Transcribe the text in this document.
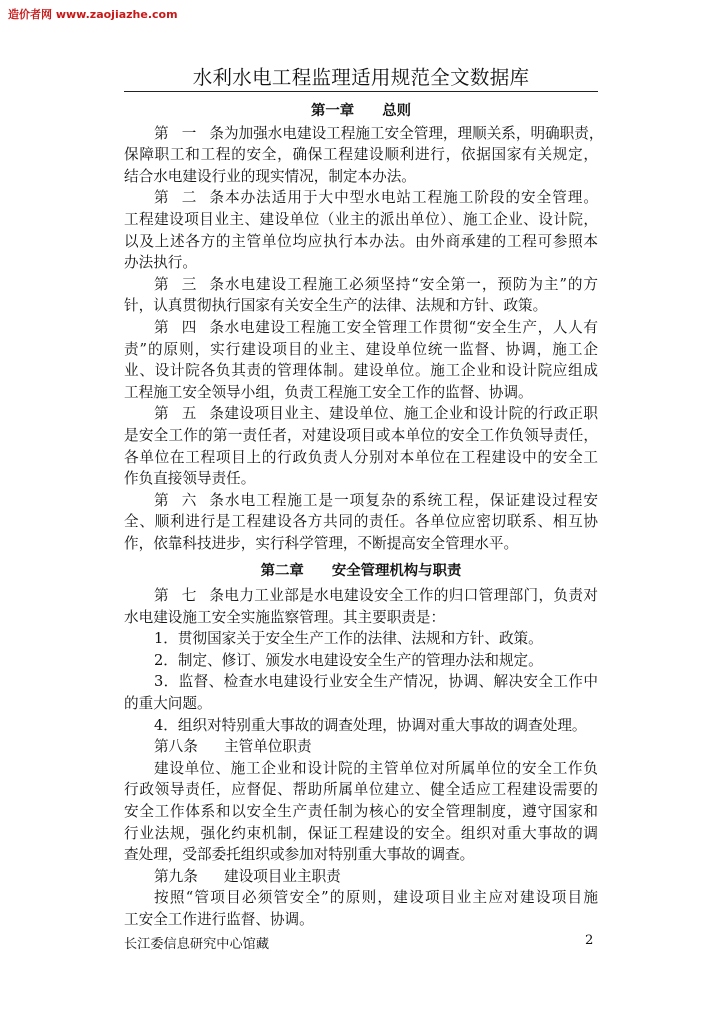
造价者网 www.zaojiazhe.com
水利水电工程监理适用规范全文数据库
第一章 总则
第一条为加强水电建设工程施工安全管理，理顺关系，明确职责，
保障职工和工程的安全，确保工程建设顺利进行，依据国家有关规定，
结合水电建设行业的现实情况，制定本办法。
第二条本办法适用于大中型水电站工程施工阶段的安全管理。
工程建设项目业主、建设单位（业主的派出单位）、施工企业、设计院，
以及上述各方的主管单位均应执行本办法。由外商承建的工程可参照本
办法执行。
第三条水电建设工程施工必须坚持“安全第一，预防为主”的方
针，认真贯彻执行国家有关安全生产的法律、法规和方针、政策。
第四条水电建设工程施工安全管理工作贯彻“安全生产，人人有
责”的原则，实行建设项目的业主、建设单位统一监督、协调，施工企
业、设计院各负其责的管理体制。建设单位。施工企业和设计院应组成
工程施工安全领导小组，负责工程施工安全工作的监督、协调。
第五条建设项目业主、建设单位、施工企业和设计院的行政正职
是安全工作的第一责任者，对建设项目或本单位的安全工作负领导责任，
各单位在工程项目上的行政负责人分别对本单位在工程建设中的安全工
作负直接领导责任。
第六条水电工程施工是一项复杂的系统工程，保证建设过程安
全、顺利进行是工程建设各方共同的责任。各单位应密切联系、相互协
作，依靠科技进步，实行科学管理，不断提高安全管理水平。
第二章 安全管理机构与职责
第七条电力工业部是水电建设安全工作的归口管理部门，负责对
水电建设施工安全实施监察管理。其主要职责是：
1．贯彻国家关于安全生产工作的法律、法规和方针、政策。
2．制定、修订、颁发水电建设安全生产的管理办法和规定。
3．监督、检查水电建设行业安全生产情况，协调、解决安全工作中
的重大问题。
4．组织对特别重大事故的调查处理，协调对重大事故的调查处理。
第八条 主管单位职责
建设单位、施工企业和设计院的主管单位对所属单位的安全工作负
行政领导责任，应督促、帮助所属单位建立、健全适应工程建设需要的
安全工作体系和以安全生产责任制为核心的安全管理制度，遵守国家和
行业法规，强化约束机制，保证工程建设的安全。组织对重大事故的调
查处理，受部委托组织或参加对特别重大事故的调查。
第九条 建设项目业主职责
按照“管项目必须管安全”的原则，建设项目业主应对建设项目施
工安全工作进行监督、协调。
长江委信息研究中心馆藏	2
